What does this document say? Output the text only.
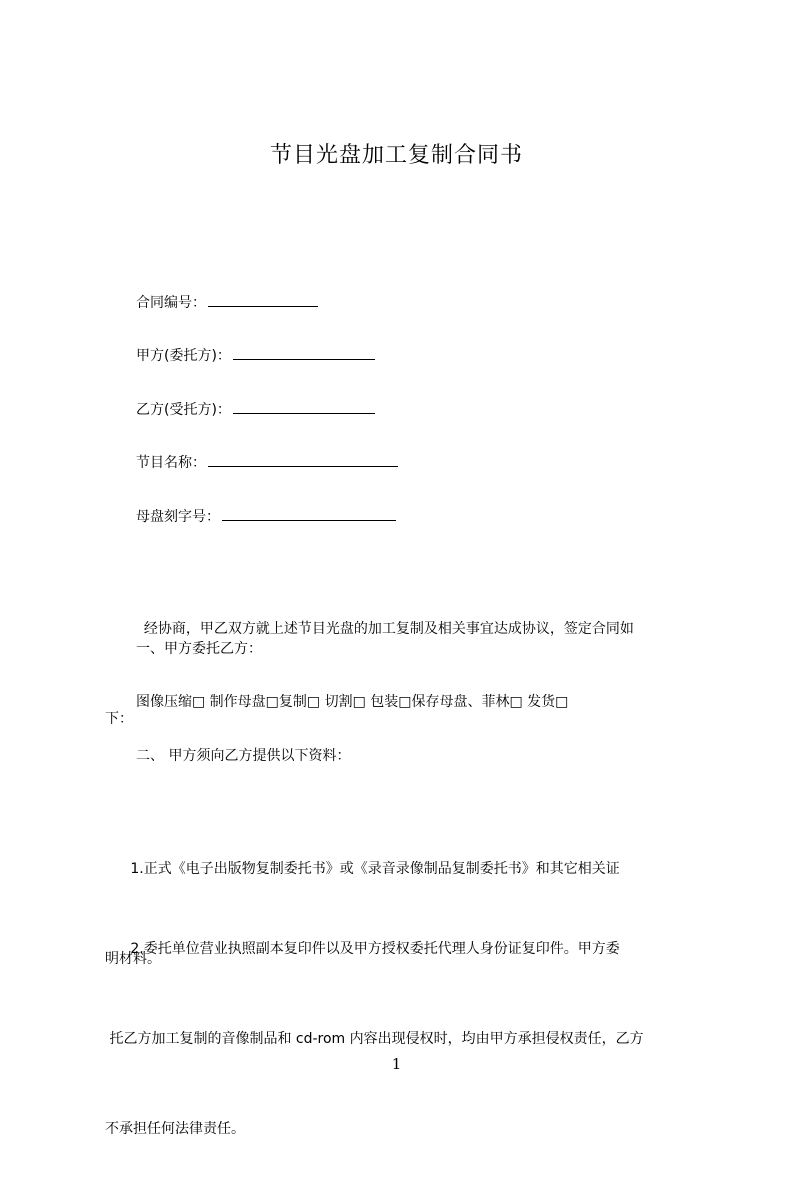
节目光盘加工复制合同书
合同编号：
甲方(委托方)：
乙方(受托方)：
节目名称：
母盘刻字号：

经协商，甲乙双方就上述节目光盘的加工复制及相关事宜达成协议，签定合同如

下：

一、甲方委托乙方：
图像压缩□ 制作母盘□复制□ 切割□ 包装□保存母盘、菲林□ 发货□
二、 甲方须向乙方提供以下资料：

1.正式《电子出版物复制委托书》或《录音录像制品复制委托书》和其它相关证

明材料。

2.委托单位营业执照副本复印件以及甲方授权委托代理人身份证复印件。甲方委

托乙方加工复制的音像制品和 cd-rom 内容出现侵权时，均由甲方承担侵权责任，乙方

不承担任何法律责任。

1
